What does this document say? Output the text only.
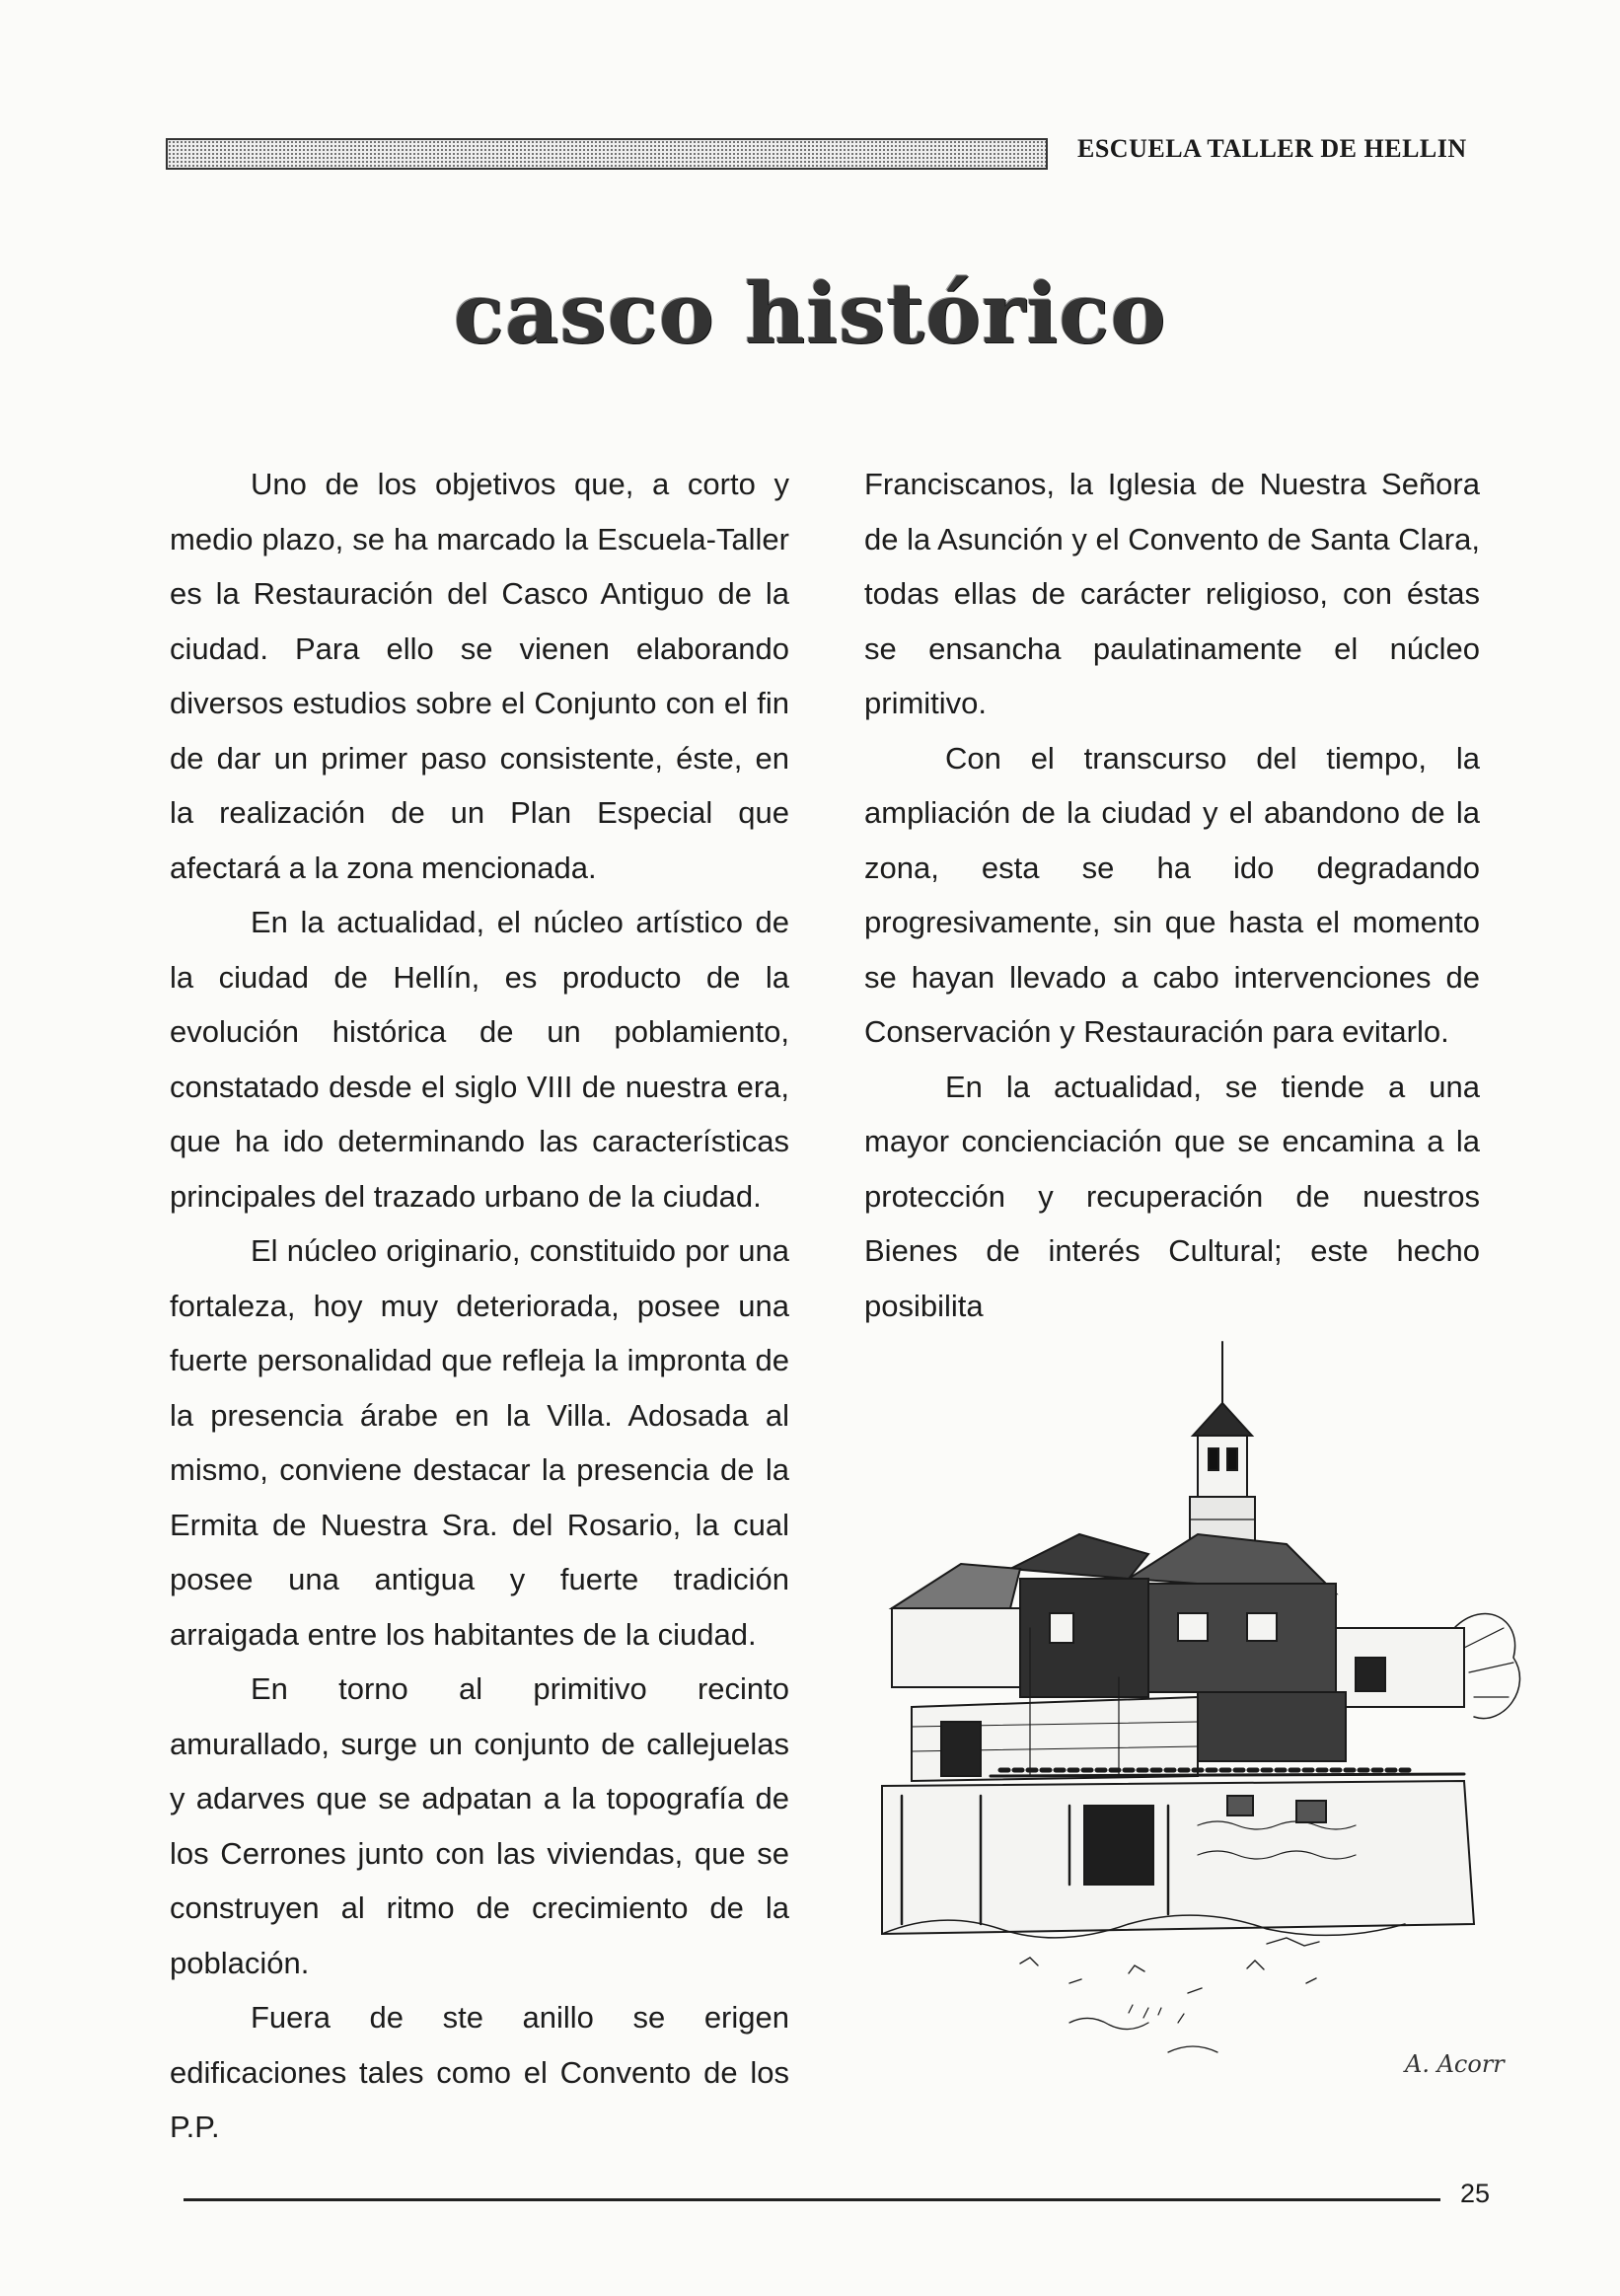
ESCUELA TALLER DE HELLIN
casco histórico

Uno de los objetivos que, a corto y medio plazo, se ha marcado la Escuela-Taller es la Restauración del Casco Antiguo de la ciudad. Para ello se vienen elaborando diversos estudios sobre el Conjunto con el fin de dar un primer paso consistente, éste, en la realización de un Plan Especial que afectará a la zona mencionada.

En la actualidad, el núcleo artístico de la ciudad de Hellín, es producto de la evolución histórica de un poblamiento, constatado desde el siglo VIII de nuestra era, que ha ido determinando las características principales del trazado urbano de la ciudad.

El núcleo originario, constituido por una fortaleza, hoy muy deteriorada, posee una fuerte personalidad que refleja la impronta de la presencia árabe en la Villa. Adosada al mismo, conviene destacar la presencia de la Ermita de Nuestra Sra. del Rosario, la cual posee una antigua y fuerte tradición arraigada entre los habitantes de la ciudad.

En torno al primitivo recinto amurallado, surge un conjunto de callejuelas y adarves que se adpatan a la topografía de los Cerrones junto con las viviendas, que se construyen al ritmo de crecimiento de la población.

Fuera de ste anillo se erigen edificaciones tales como el Convento de los P.P.

Franciscanos, la Iglesia de Nuestra Señora de la Asunción y el Convento de Santa Clara, todas ellas de carácter religioso, con éstas se ensancha paulatinamente el núcleo primitivo.

Con el transcurso del tiempo, la ampliación de la ciudad y el abandono de la zona, esta se ha ido degradando progresivamente, sin que hasta el momento se hayan llevado a cabo intervenciones de Conservación y Restauración para evitarlo.

En la actualidad, se tiende a una mayor concienciación que se encamina a la protección y recuperación de nuestros Bienes de interés Cultural; este hecho posibilita

A. Acorr
25
